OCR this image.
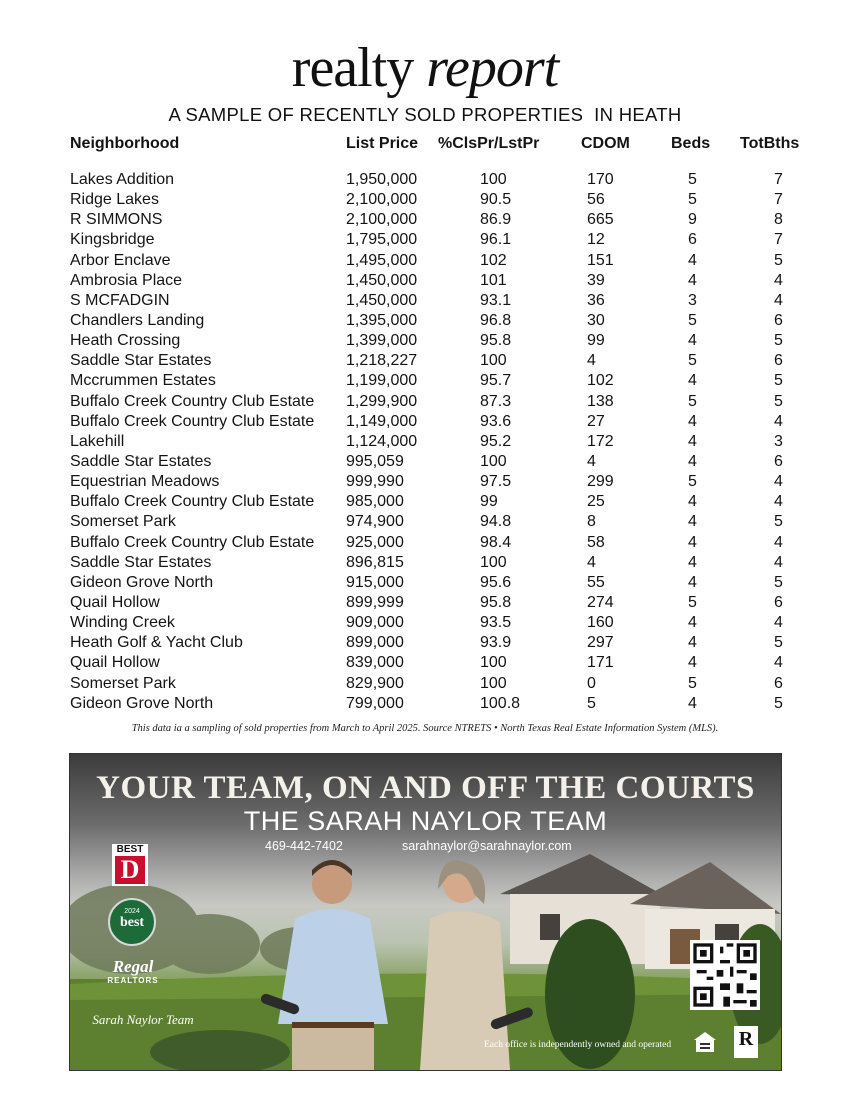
realty report
A SAMPLE OF RECENTLY SOLD PROPERTIES  IN HEATH
Neighborhood	List Price	%ClsPr/LstPr	CDOM	Beds	TotBths

Lakes Addition	1,950,000	100	170	5	7
Ridge Lakes	2,100,000	90.5	56	5	7
R SIMMONS	2,100,000	86.9	665	9	8
Kingsbridge	1,795,000	96.1	12	6	7
Arbor Enclave	1,495,000	102	151	4	5
Ambrosia Place	1,450,000	101	39	4	4
S MCFADGIN	1,450,000	93.1	36	3	4
Chandlers Landing	1,395,000	96.8	30	5	6
Heath Crossing	1,399,000	95.8	99	4	5
Saddle Star Estates	1,218,227	100	4	5	6
Mccrummen Estates	1,199,000	95.7	102	4	5
Buffalo Creek Country Club Estate	1,299,900	87.3	138	5	5
Buffalo Creek Country Club Estate	1,149,000	93.6	27	4	4
Lakehill	1,124,000	95.2	172	4	3
Saddle Star Estates	995,059	100	4	4	6
Equestrian Meadows	999,990	97.5	299	5	4
Buffalo Creek Country Club Estate	985,000	99	25	4	4
Somerset Park	974,900	94.8	8	4	5
Buffalo Creek Country Club Estate	925,000	98.4	58	4	4
Saddle Star Estates	896,815	100	4	4	4
Gideon Grove North	915,000	95.6	55	4	5
Quail Hollow	899,999	95.8	274	5	6
Winding Creek	909,000	93.5	160	4	4
Heath Golf & Yacht Club	899,000	93.9	297	4	5
Quail Hollow	839,000	100	171	4	4
Somerset Park	829,900	100	0	5	6
Gideon Grove North	799,000	100.8	5	4	5
This data ia a sampling of sold properties from March to April 2025. Source NTRETS • North Texas Real Estate Information System (MLS).
YOUR TEAM, ON AND OFF THE COURTS
THE SARAH NAYLOR TEAM
469-442-7402	sarahnaylor@sarahnaylor.com
BEST
D
2024
best
Regal
REALTORS
Sarah Naylor Team
Each office is independently owned and operated	R
